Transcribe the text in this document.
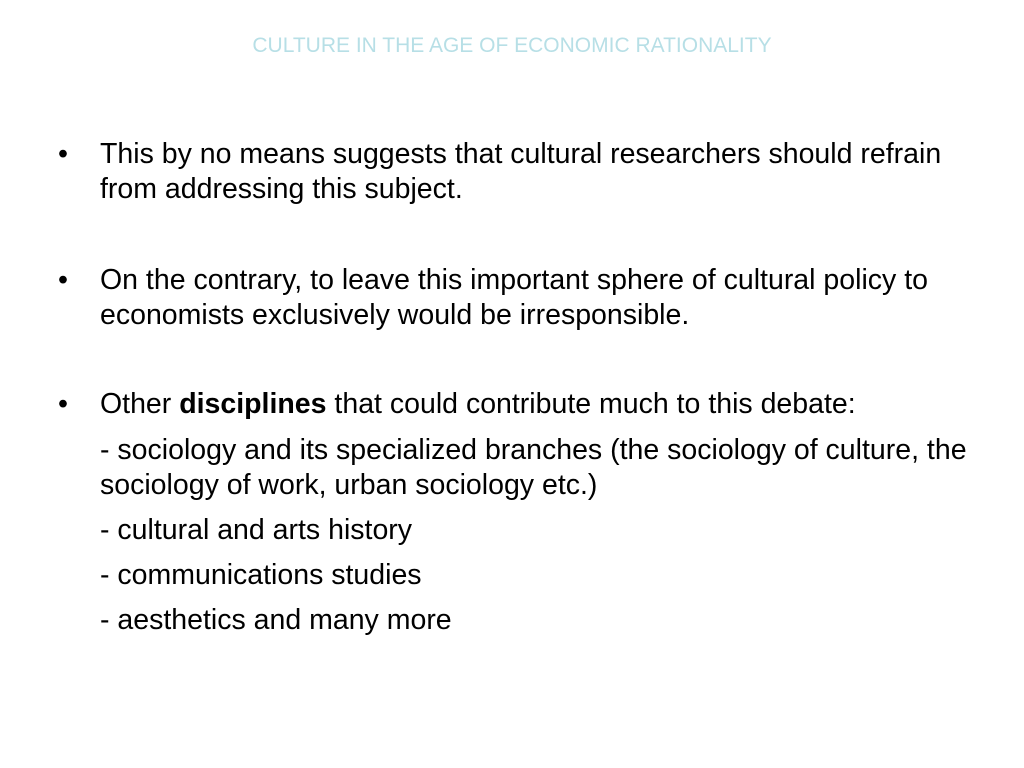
CULTURE IN THE AGE OF ECONOMIC RATIONALITY
•	This by no means suggests that cultural researchers should refrain from addressing this subject.
•	On the contrary, to leave this important sphere of cultural policy to economists exclusively would be irresponsible.
•	Other disciplines that could contribute much to this debate:
- sociology and its specialized branches (the sociology of culture, the sociology of work, urban sociology etc.)
- cultural and arts history
- communications studies
- aesthetics and many more
